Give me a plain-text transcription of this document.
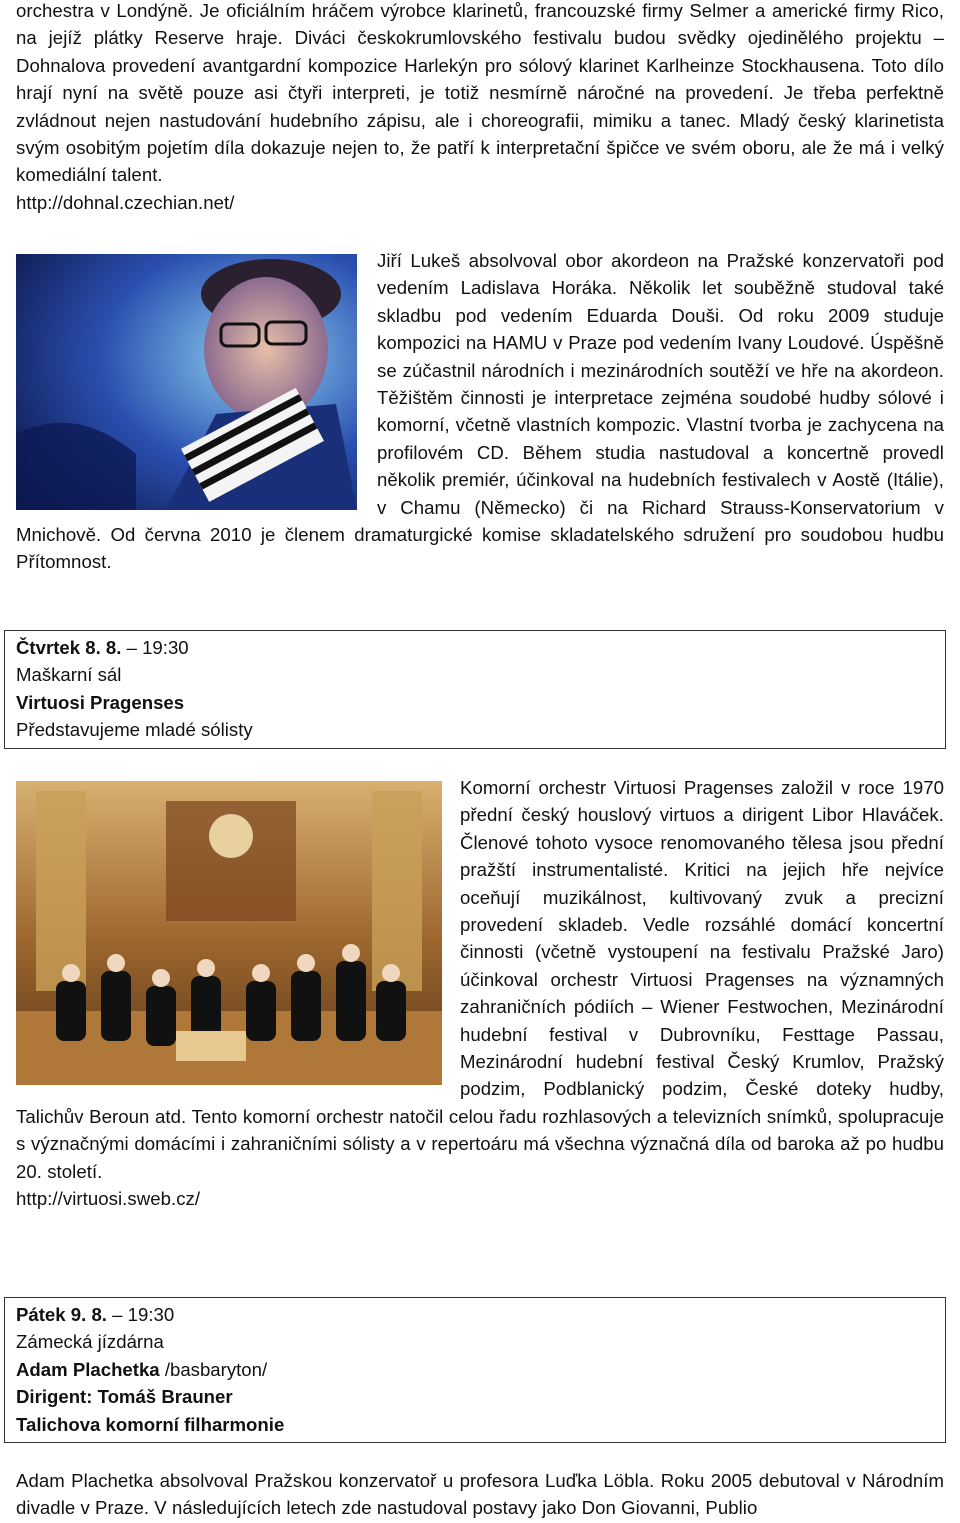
orchestra v Londýně. Je oficiálním hráčem výrobce klarinetů, francouzské firmy Selmer a americké firmy Rico, na jejíž plátky Reserve hraje. Diváci českokrumlovského festivalu budou svědky ojedinělého projektu – Dohnalova provedení avantgardní kompozice Harlekýn pro sólový klarinet Karlheinze Stockhausena. Toto dílo hrají nyní na světě pouze asi čtyři interpreti, je totiž nesmírně náročné na provedení. Je třeba perfektně zvládnout nejen nastudování hudebního zápisu, ale i choreografii, mimiku a tanec. Mladý český klarinetista svým osobitým pojetím díla dokazuje nejen to, že patří k interpretační špičce ve svém oboru, ale že má i velký komediální talent.

http://dohnal.czechian.net/

Jiří Lukeš absolvoval obor akordeon na Pražské konzervatoři pod vedením Ladislava Horáka. Několik let souběžně studoval také skladbu pod vedením Eduarda Douši. Od roku 2009 studuje kompozici na HAMU v Praze pod vedením Ivany Loudové. Úspěšně se zúčastnil národních i mezinárodních soutěží ve hře na akordeon. Těžištěm činnosti je interpretace zejména soudobé hudby sólové i komorní, včetně vlastních kompozic. Vlastní tvorba je zachycena na profilovém CD. Během studia nastudoval a koncertně provedl několik premiér, účinkoval na hudebních festivalech v Aostě (Itálie), v Chamu (Německo) či na Richard Strauss-Konservatorium v Mnichově. Od června 2010 je členem dramaturgické komise skladatelského sdružení pro soudobou hudbu Přítomnost.

Čtvrtek 8. 8. – 19:30

Maškarní sál

Virtuosi Pragenses

Představujeme mladé sólisty

Komorní orchestr Virtuosi Pragenses založil v roce 1970 přední český houslový virtuos a dirigent Libor Hlaváček. Členové tohoto vysoce renomovaného tělesa jsou přední pražští instrumentalisté. Kritici na jejich hře nejvíce oceňují muzikálnost, kultivovaný zvuk a precizní provedení skladeb. Vedle rozsáhlé domácí koncertní činnosti (včetně vystoupení na festivalu Pražské Jaro) účinkoval orchestr Virtuosi Pragenses na významných zahraničních pódiích – Wiener Festwochen, Mezinárodní hudební festival v Dubrovníku, Festtage Passau, Mezinárodní hudební festival Český Krumlov, Pražský podzim, Podblanický podzim, České doteky hudby, Talichův Beroun atd. Tento komorní orchestr natočil celou řadu rozhlasových a televizních snímků, spolupracuje s význačnými domácími i zahraničními sólisty a v repertoáru má všechna význačná díla od baroka až po hudbu 20. století.

http://virtuosi.sweb.cz/

Pátek 9. 8. – 19:30

Zámecká jízdárna

Adam Plachetka /basbaryton/

Dirigent: Tomáš Brauner

Talichova komorní filharmonie

Adam Plachetka absolvoval Pražskou konzervatoř u profesora Luďka Löbla. Roku 2005 debutoval v Národním divadle v Praze. V následujících letech zde nastudoval postavy jako Don Giovanni, Publio
